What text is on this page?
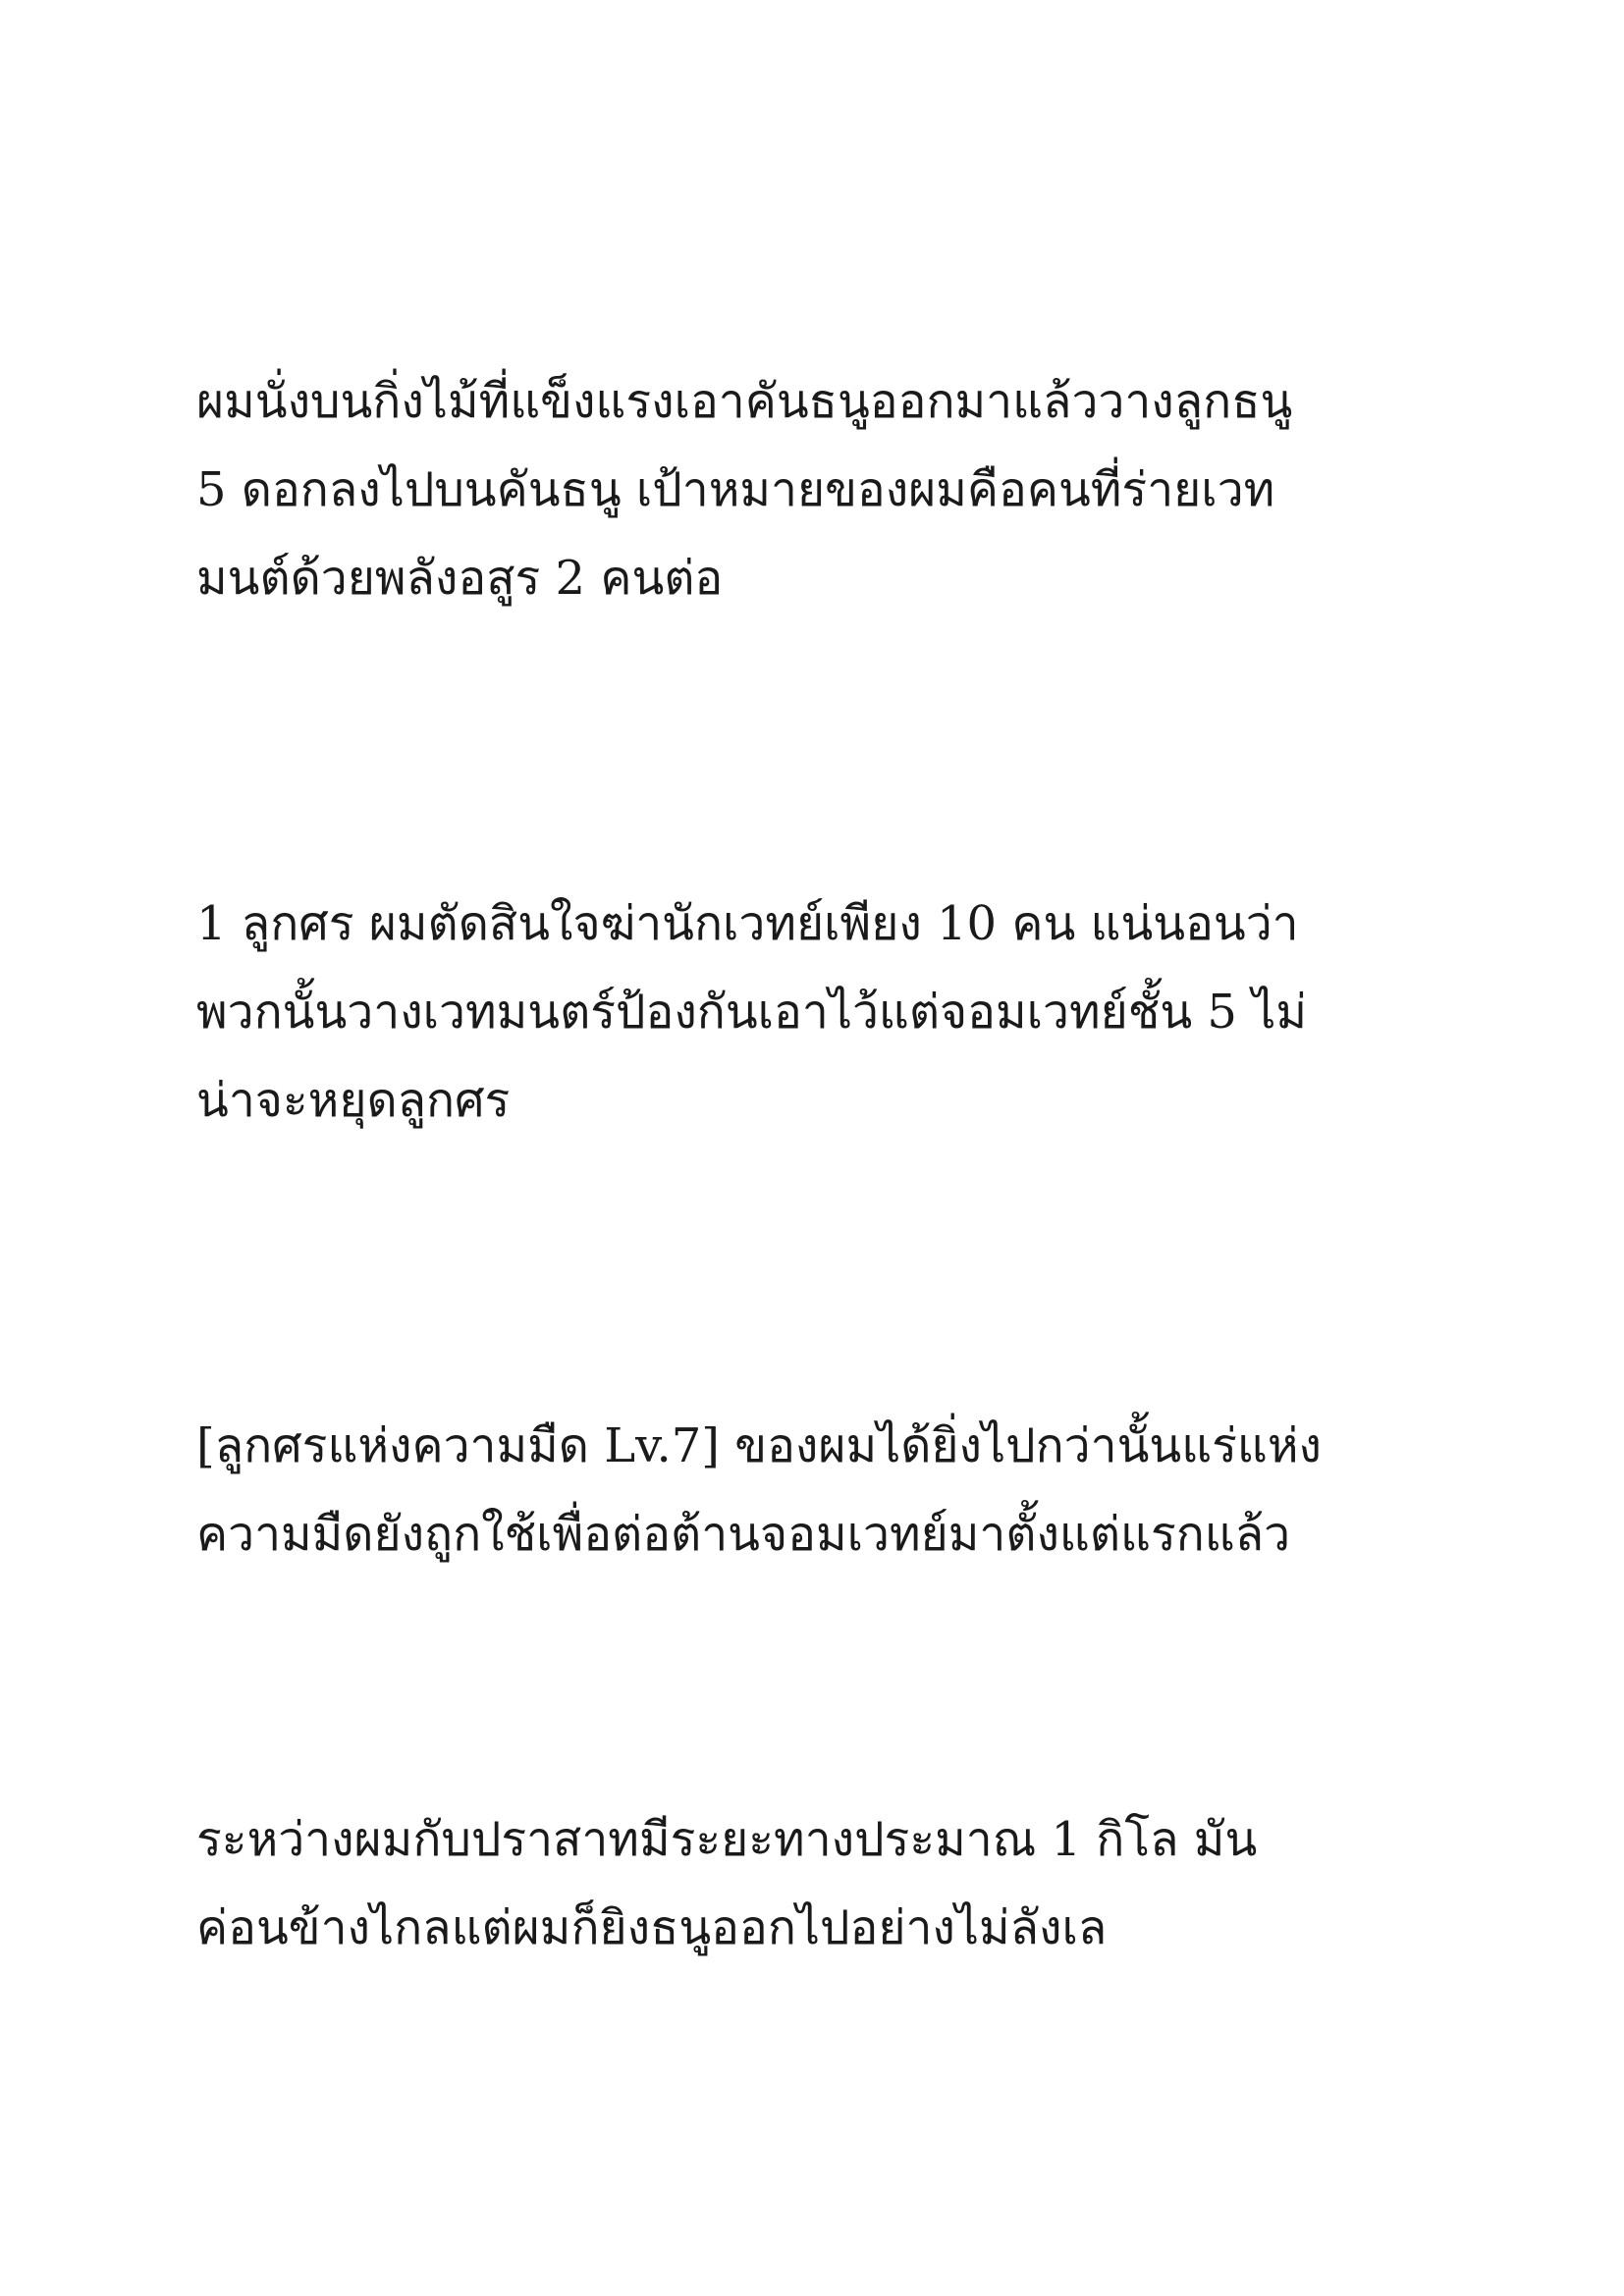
ผมนั่งบนกิ่งไม้ที่แข็งแรงเอาคันธนูออกมาแล้ววางลูกธนู
5 ดอกลงไปบนคันธนู เป้าหมายของผมคือคนที่ร่ายเวท
มนต์ด้วยพลังอสูร 2 คนต่อ

1 ลูกศร ผมตัดสินใจฆ่านักเวทย์เพียง 10 คน แน่นอนว่า
พวกนั้นวางเวทมนตร์ป้องกันเอาไว้แต่จอมเวทย์ชั้น 5 ไม่
น่าจะหยุดลูกศร

[ลูกศรแห่งความมืด Lv.7] ของผมได้ยิ่งไปกว่านั้นแร่แห่ง
ความมืดยังถูกใช้เพื่อต่อต้านจอมเวทย์มาตั้งแต่แรกแล้ว

ระหว่างผมกับปราสาทมีระยะทางประมาณ 1 กิโล มัน
ค่อนข้างไกลแต่ผมก็ยิงธนูออกไปอย่างไม่ลังเล
